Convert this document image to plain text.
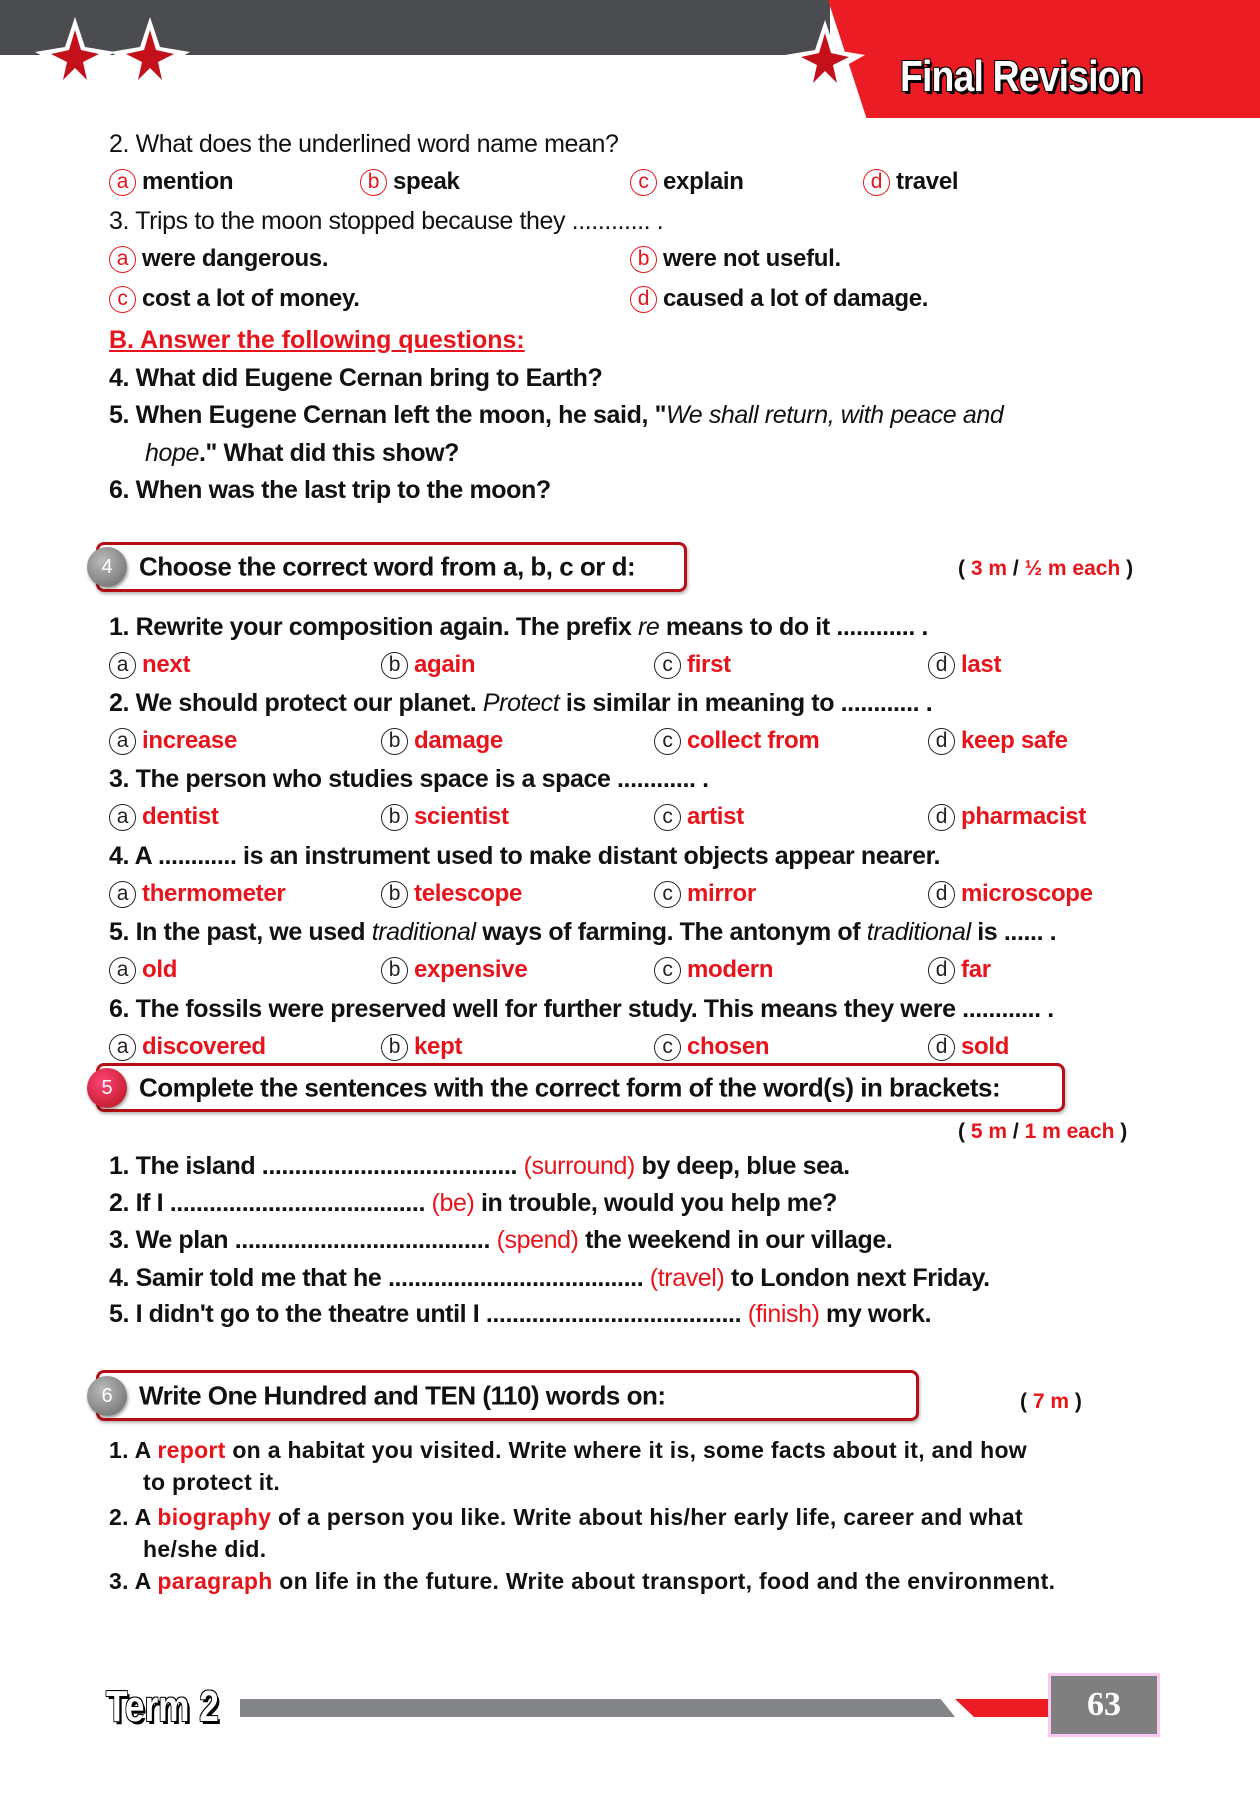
Final Revision
2. What does the underlined word name mean?
a mention	b speak	c explain	d travel
3. Trips to the moon stopped because they ............ .
a were dangerous.	b were not useful.
c cost a lot of money.	d caused a lot of damage.
B. Answer the following questions:
4. What did Eugene Cernan bring to Earth?
5. When Eugene Cernan left the moon, he said, "We shall return, with peace and
hope." What did this show?
6. When was the last trip to the moon?
4	Choose the correct word from a, b, c or d:	( 3 m / ½ m each )
1. Rewrite your composition again. The prefix re means to do it ............ .
a next	b again	c first	d last
2. We should protect our planet. Protect is similar in meaning to ............ .
a increase	b damage	c collect from	d keep safe
3. The person who studies space is a space ............ .
a dentist	b scientist	c artist	d pharmacist
4. A ............ is an instrument used to make distant objects appear nearer.
a thermometer	b telescope	c mirror	d microscope
5. In the past, we used traditional ways of farming. The antonym of traditional is ...... .
a old	b expensive	c modern	d far
6. The fossils were preserved well for further study. This means they were ............ .
a discovered	b kept	c chosen	d sold
5	Complete the sentences with the correct form of the word(s) in brackets:
( 5 m / 1 m each )
1. The island ....................................... (surround) by deep, blue sea.
2. If I ....................................... (be) in trouble, would you help me?
3. We plan ....................................... (spend) the weekend in our village.
4. Samir told me that he ....................................... (travel) to London next Friday.
5. I didn't go to the theatre until I ....................................... (finish) my work.
6	Write One Hundred and TEN (110) words on:	( 7 m )
1. A report on a habitat you visited. Write where it is, some facts about it, and how
to protect it.
2. A biography of a person you like. Write about his/her early life, career and what
he/she did.
3. A paragraph on life in the future. Write about transport, food and the environment.
Term 2	63
